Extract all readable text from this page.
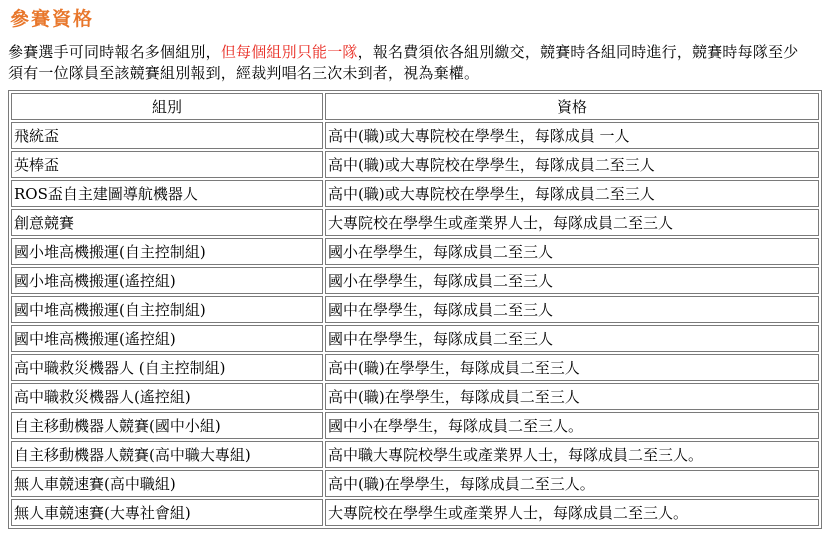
參賽資格

參賽選手可同時報名多個組別，但每個組別只能一隊，報名費須依各組別繳交，競賽時各組同時進行，競賽時每隊至少須有一位隊員至該競賽組別報到，經裁判唱名三次未到者，視為棄權。

組別	資格
飛統盃	高中(職)或大專院校在學學生，每隊成員 一人
英棒盃	高中(職)或大專院校在學學生，每隊成員二至三人
ROS盃自主建圖導航機器人	高中(職)或大專院校在學學生，每隊成員二至三人
創意競賽	大專院校在學學生或產業界人士，每隊成員二至三人
國小堆高機搬運(自主控制組)	國小在學學生，每隊成員二至三人
國小堆高機搬運(遙控組)	國小在學學生，每隊成員二至三人
國中堆高機搬運(自主控制組)	國中在學學生，每隊成員二至三人
國中堆高機搬運(遙控組)	國中在學學生，每隊成員二至三人
高中職救災機器人 (自主控制組)	高中(職)在學學生，每隊成員二至三人
高中職救災機器人(遙控組)	高中(職)在學學生，每隊成員二至三人
自主移動機器人競賽(國中小組)	國中小在學學生，每隊成員二至三人。
自主移動機器人競賽(高中職大專組)	高中職大專院校學生或產業界人士，每隊成員二至三人。
無人車競速賽(高中職組)	高中(職)在學學生，每隊成員二至三人。
無人車競速賽(大專社會組)	大專院校在學學生或產業界人士，每隊成員二至三人。
